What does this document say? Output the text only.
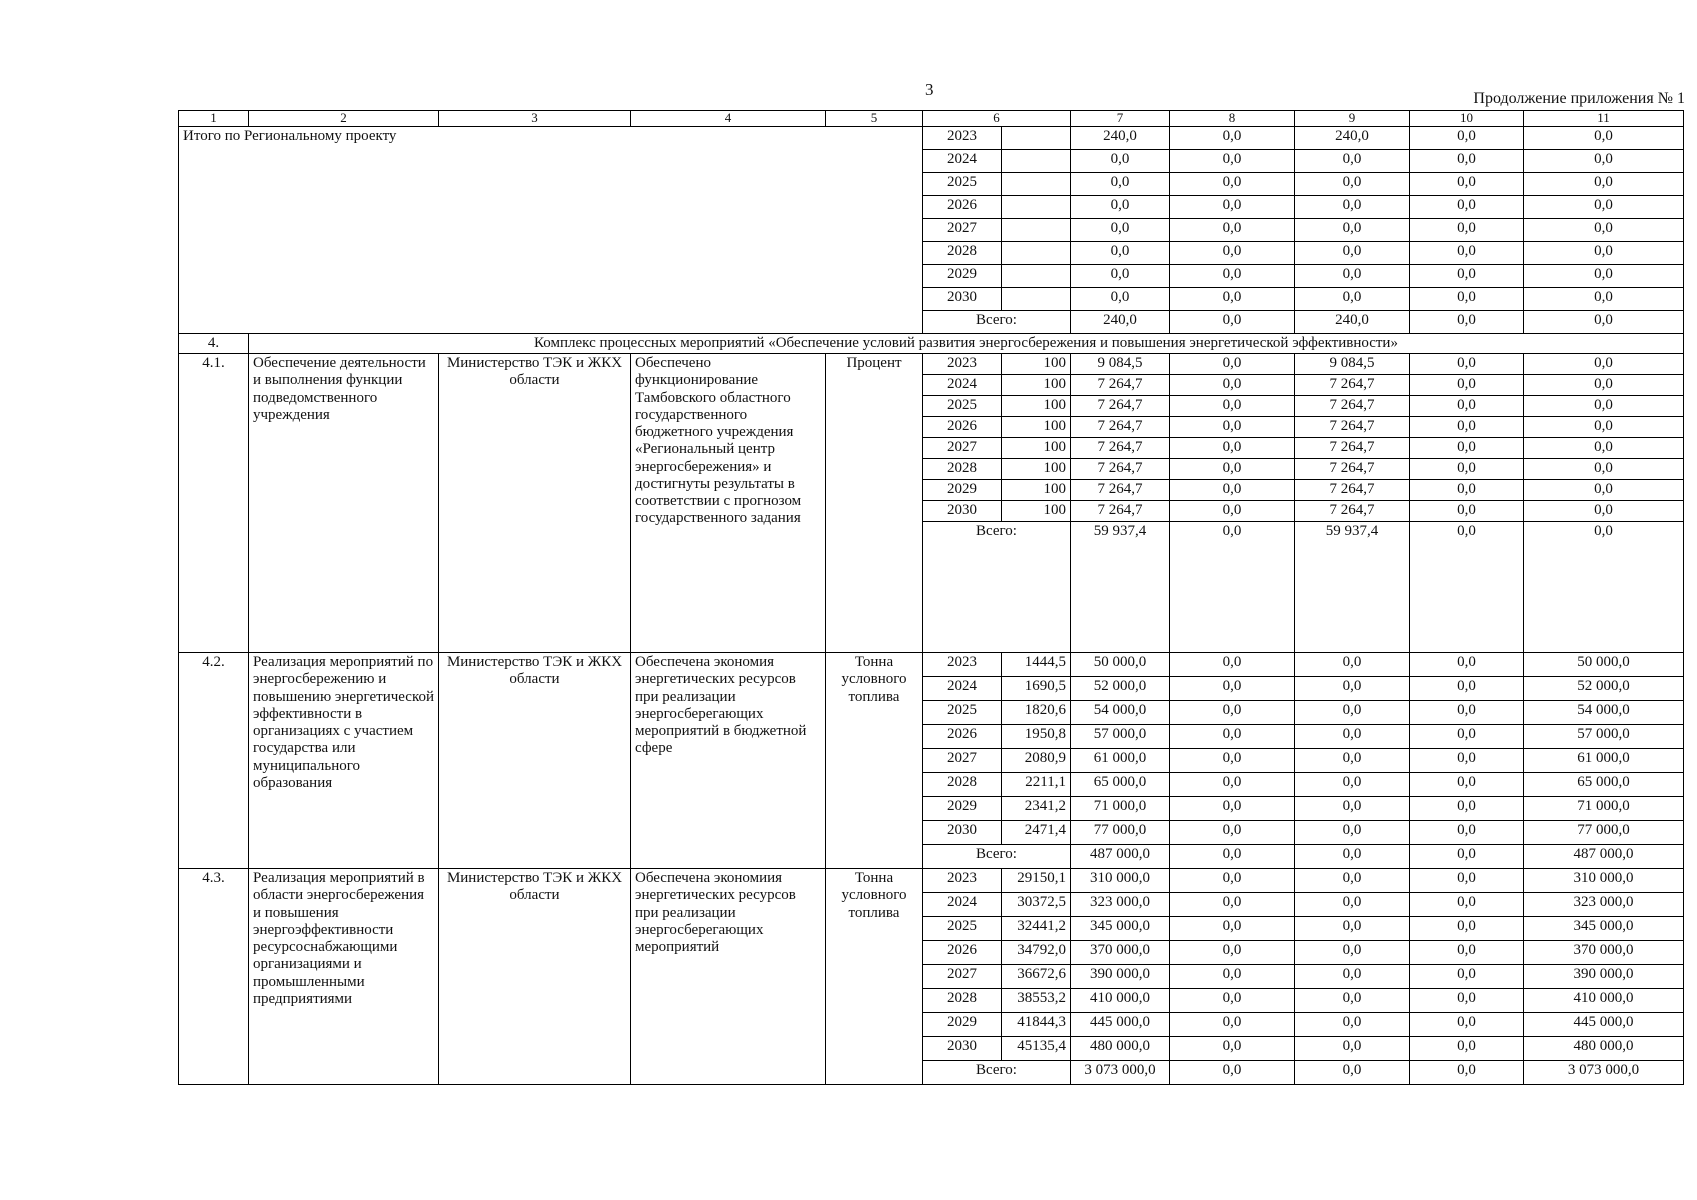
3	Продолжение приложения № 1
1	2	3	4	5	6		7	8	9	10	11
Итого по Региональному проекту					2023		240,0	0,0	240,0	0,0	0,0
					2024		0,0	0,0	0,0	0,0	0,0
					2025		0,0	0,0	0,0	0,0	0,0
					2026		0,0	0,0	0,0	0,0	0,0
					2027		0,0	0,0	0,0	0,0	0,0
					2028		0,0	0,0	0,0	0,0	0,0
					2029		0,0	0,0	0,0	0,0	0,0
					2030		0,0	0,0	0,0	0,0	0,0
					Всего:		240,0	0,0	240,0	0,0	0,0
4.	Комплекс процессных мероприятий «Обеспечение условий развития энергосбережения и повышения энергетической эффективности»										
4.1.	Обеспечение деятельности и выполнения функции подведомственного учреждения	Министерство ТЭК и ЖКХ области	Обеспечено функционирование Тамбовского областного государственного бюджетного учреждения «Региональный центр энергосбережения» и достигнуты результаты в соответствии с прогнозом государственного задания	Процент	2023	100	9 084,5	0,0	9 084,5	0,0	0,0
					2024	100	7 264,7	0,0	7 264,7	0,0	0,0
					2025	100	7 264,7	0,0	7 264,7	0,0	0,0
					2026	100	7 264,7	0,0	7 264,7	0,0	0,0
					2027	100	7 264,7	0,0	7 264,7	0,0	0,0
					2028	100	7 264,7	0,0	7 264,7	0,0	0,0
					2029	100	7 264,7	0,0	7 264,7	0,0	0,0
					2030	100	7 264,7	0,0	7 264,7	0,0	0,0
					Всего:		59 937,4	0,0	59 937,4	0,0	0,0
4.2.	Реализация мероприятий по энергосбережению и повышению энергетической эффективности в организациях с участием государства или муниципального образования	Министерство ТЭК и ЖКХ области	Обеспечена экономия энергетических ресурсов при реализации энергосберегающих мероприятий в бюджетной сфере	Тонна условного топлива	2023	1444,5	50 000,0	0,0	0,0	0,0	50 000,0
					2024	1690,5	52 000,0	0,0	0,0	0,0	52 000,0
					2025	1820,6	54 000,0	0,0	0,0	0,0	54 000,0
					2026	1950,8	57 000,0	0,0	0,0	0,0	57 000,0
					2027	2080,9	61 000,0	0,0	0,0	0,0	61 000,0
					2028	2211,1	65 000,0	0,0	0,0	0,0	65 000,0
					2029	2341,2	71 000,0	0,0	0,0	0,0	71 000,0
					2030	2471,4	77 000,0	0,0	0,0	0,0	77 000,0
					Всего:		487 000,0	0,0	0,0	0,0	487 000,0
4.3.	Реализация мероприятий в области энергосбережения и повышения энергоэффективности ресурсоснабжающими организациями и промышленными предприятиями	Министерство ТЭК и ЖКХ области	Обеспечена экономиия энергетических ресурсов при реализации энергосберегающих мероприятий	Тонна условного топлива	2023	29150,1	310 000,0	0,0	0,0	0,0	310 000,0
					2024	30372,5	323 000,0	0,0	0,0	0,0	323 000,0
					2025	32441,2	345 000,0	0,0	0,0	0,0	345 000,0
					2026	34792,0	370 000,0	0,0	0,0	0,0	370 000,0
					2027	36672,6	390 000,0	0,0	0,0	0,0	390 000,0
					2028	38553,2	410 000,0	0,0	0,0	0,0	410 000,0
					2029	41844,3	445 000,0	0,0	0,0	0,0	445 000,0
					2030	45135,4	480 000,0	0,0	0,0	0,0	480 000,0
					Всего:		3 073 000,0	0,0	0,0	0,0	3 073 000,0
